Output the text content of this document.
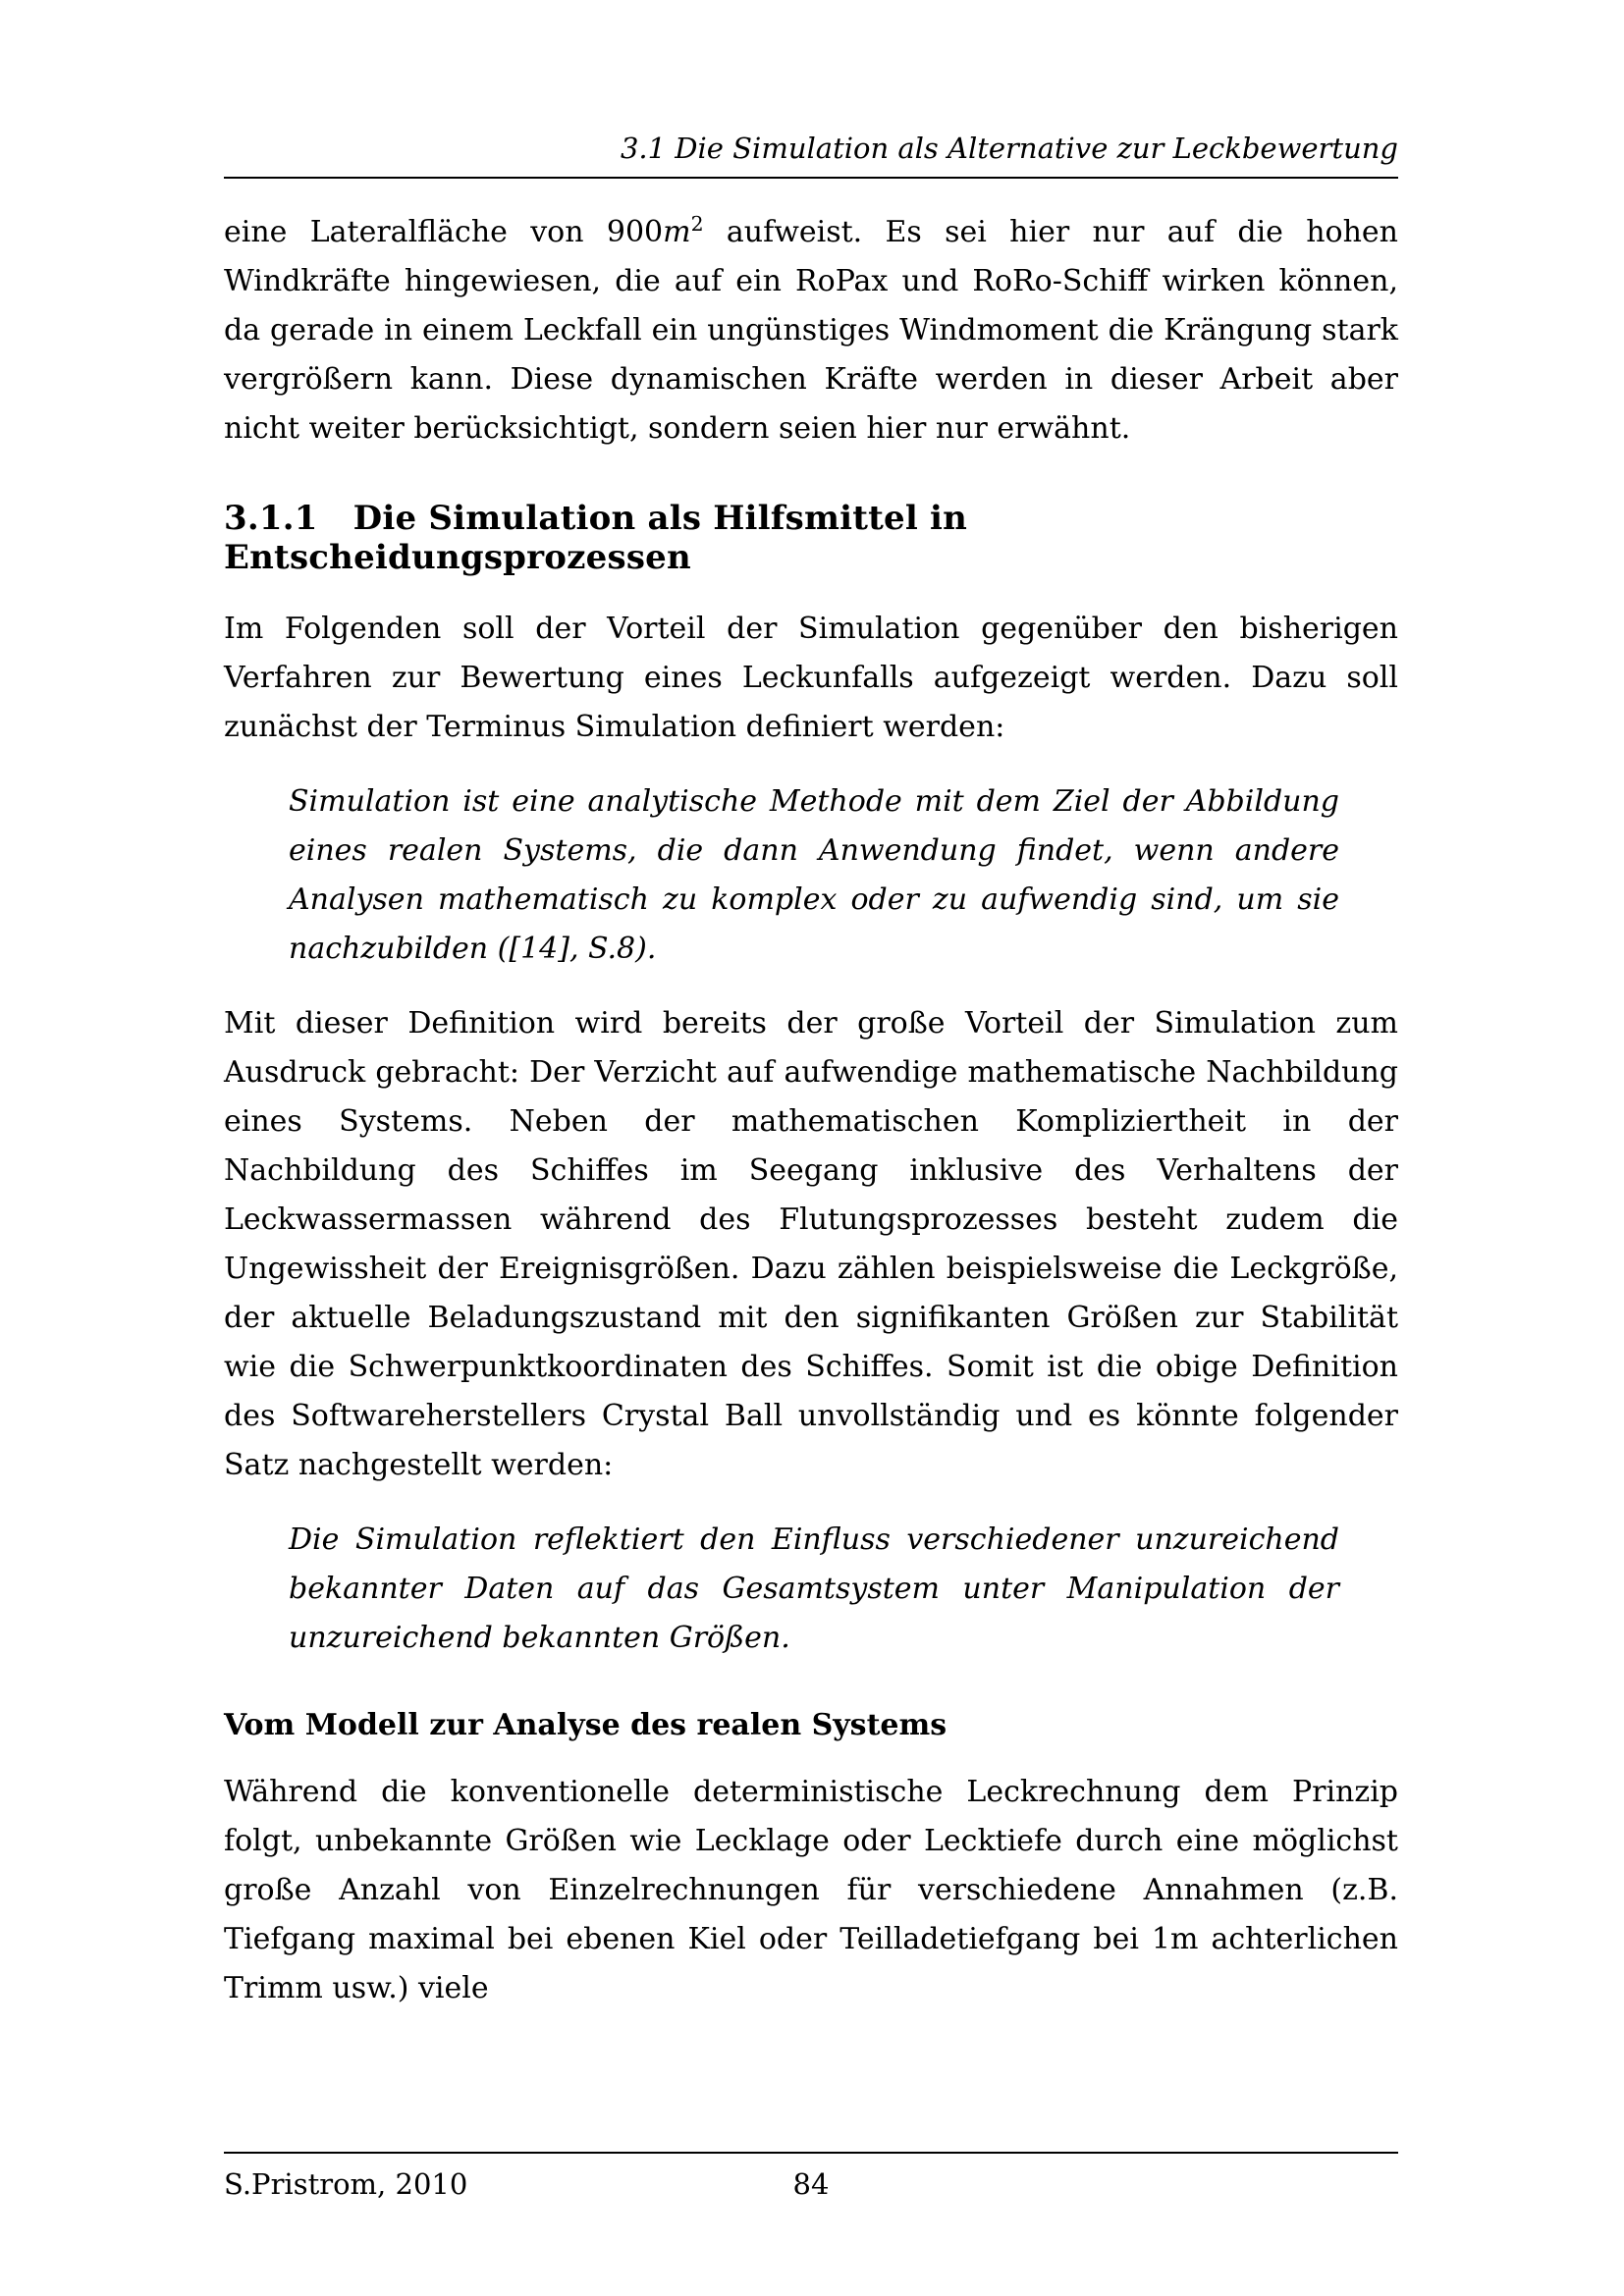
3.1 Die Simulation als Alternative zur Leckbewertung

eine Lateralfläche von $900m^2$ aufweist. Es sei hier nur auf die hohen Windkräfte hingewiesen, die auf ein RoPax und RoRo-Schiff wirken können, da gerade in einem Leckfall ein ungünstiges Windmoment die Krängung stark vergrößern kann. Diese dynamischen Kräfte werden in dieser Arbeit aber nicht weiter berücksichtigt, sondern seien hier nur erwähnt.

3.1.1 Die Simulation als Hilfsmittel in Entscheidungsprozessen

Im Folgenden soll der Vorteil der Simulation gegenüber den bisherigen Verfahren zur Bewertung eines Leckunfalls aufgezeigt werden. Dazu soll zunächst der Terminus Simulation definiert werden:

Simulation ist eine analytische Methode mit dem Ziel der Abbildung eines realen Systems, die dann Anwendung findet, wenn andere Analysen mathematisch zu komplex oder zu aufwendig sind, um sie nachzubilden ([14], S.8).

Mit dieser Definition wird bereits der große Vorteil der Simulation zum Ausdruck gebracht: Der Verzicht auf aufwendige mathematische Nachbildung eines Systems. Neben der mathematischen Kompliziertheit in der Nachbildung des Schiffes im Seegang inklusive des Verhaltens der Leckwassermassen während des Flutungsprozesses besteht zudem die Ungewissheit der Ereignisgrößen. Dazu zählen beispielsweise die Leckgröße, der aktuelle Beladungszustand mit den signifikanten Größen zur Stabilität wie die Schwerpunktkoordinaten des Schiffes. Somit ist die obige Definition des Softwareherstellers Crystal Ball unvollständig und es könnte folgender Satz nachgestellt werden:

Die Simulation reflektiert den Einfluss verschiedener unzureichend bekannter Daten auf das Gesamtsystem unter Manipulation der unzureichend bekannten Größen.
Vom Modell zur Analyse des realen Systems

Während die konventionelle deterministische Leckrechnung dem Prinzip folgt, unbekannte Größen wie Lecklage oder Lecktiefe durch eine möglichst große Anzahl von Einzelrechnungen für verschiedene Annahmen (z.B. Tiefgang maximal bei ebenen Kiel oder Teilladetiefgang bei 1m achterlichen Trimm usw.) viele

S.Pristrom, 2010	84
